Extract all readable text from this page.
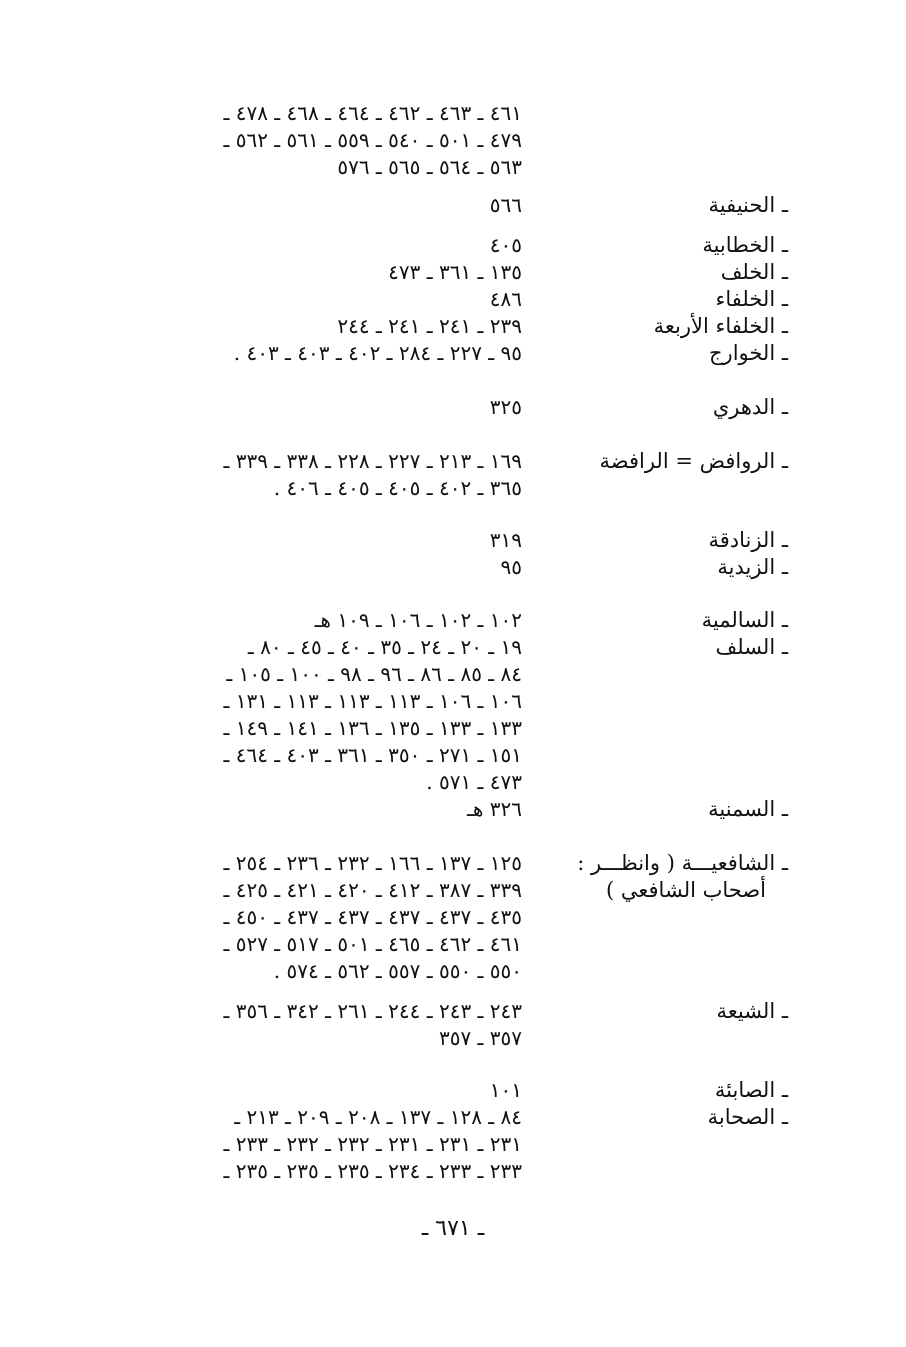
٤٦١ ـ ٤٦٣ ـ ٤٦٢ ـ ٤٦٤ ـ ٤٦٨ ـ ٤٧٨ ـ
٤٧٩ ـ ٥٠١ ـ ٥٤٠ ـ ٥٥٩ ـ ٥٦١ ـ ٥٦٢ ـ
٥٦٣ ـ ٥٦٤ ـ ٥٦٥ ـ ٥٧٦
ـ الحنيفية
٥٦٦
ـ الخطابية
٤٠٥
ـ الخلف
١٣٥ ـ ٣٦١ ـ ٤٧٣
ـ الخلفاء
٤٨٦
ـ الخلفاء الأربعة
٢٣٩ ـ ٢٤١ ـ ٢٤١ ـ ٢٤٤
ـ الخوارج
٩٥ ـ ٢٢٧ ـ ٢٨٤ ـ ٤٠٢ ـ ٤٠٣ ـ ٤٠٣ .
ـ الدهري
٣٢٥
ـ الروافض = الرافضة
١٦٩ ـ ٢١٣ ـ ٢٢٧ ـ ٢٢٨ ـ ٣٣٨ ـ ٣٣٩ ـ
٣٦٥ ـ ٤٠٢ ـ ٤٠٥ ـ ٤٠٥ ـ ٤٠٦ .
ـ الزنادقة
٣١٩
ـ الزيدية
٩٥
ـ السالمية
١٠٢ ـ ١٠٢ ـ ١٠٦ ـ ١٠٩ هـ
ـ السلف
١٩ ـ ٢٠ ـ ٢٤ ـ ٣٥ ـ ٤٠ ـ ٤٥ ـ ٨٠ ـ
٨٤ ـ ٨٥ ـ ٨٦ ـ ٩٦ ـ ٩٨ ـ ١٠٠ ـ ١٠٥ ـ
١٠٦ ـ ١٠٦ ـ ١١٣ ـ ١١٣ ـ ١١٣ ـ ١٣١ ـ
١٣٣ ـ ١٣٣ ـ ١٣٥ ـ ١٣٦ ـ ١٤١ ـ ١٤٩ ـ
١٥١ ـ ٢٧١ ـ ٣٥٠ ـ ٣٦١ ـ ٤٠٣ ـ ٤٦٤ ـ
٤٧٣ ـ ٥٧١ .
ـ السمنية
٣٢٦ هـ
ـ الشافعيـــة ( وانظـــر :
أصحاب الشافعي )
١٢٥ ـ ١٣٧ ـ ١٦٦ ـ ٢٣٢ ـ ٢٣٦ ـ ٢٥٤ ـ
٣٣٩ ـ ٣٨٧ ـ ٤١٢ ـ ٤٢٠ ـ ٤٢١ ـ ٤٢٥ ـ
٤٣٥ ـ ٤٣٧ ـ ٤٣٧ ـ ٤٣٧ ـ ٤٣٧ ـ ٤٥٠ ـ
٤٦١ ـ ٤٦٢ ـ ٤٦٥ ـ ٥٠١ ـ ٥١٧ ـ ٥٢٧ ـ
٥٥٠ ـ ٥٥٠ ـ ٥٥٧ ـ ٥٦٢ ـ ٥٧٤ .
ـ الشيعة
٢٤٣ ـ ٢٤٣ ـ ٢٤٤ ـ ٢٦١ ـ ٣٤٢ ـ ٣٥٦ ـ
٣٥٧ ـ ٣٥٧
ـ الصابئة
١٠١
ـ الصحابة
٨٤ ـ ١٢٨ ـ ١٣٧ ـ ٢٠٨ ـ ٢٠٩ ـ ٢١٣ ـ
٢٣١ ـ ٢٣١ ـ ٢٣١ ـ ٢٣٢ ـ ٢٣٢ ـ ٢٣٣ ـ
٢٣٣ ـ ٢٣٣ ـ ٢٣٤ ـ ٢٣٥ ـ ٢٣٥ ـ ٢٣٥ ـ
ـ ٦٧١ ـ
